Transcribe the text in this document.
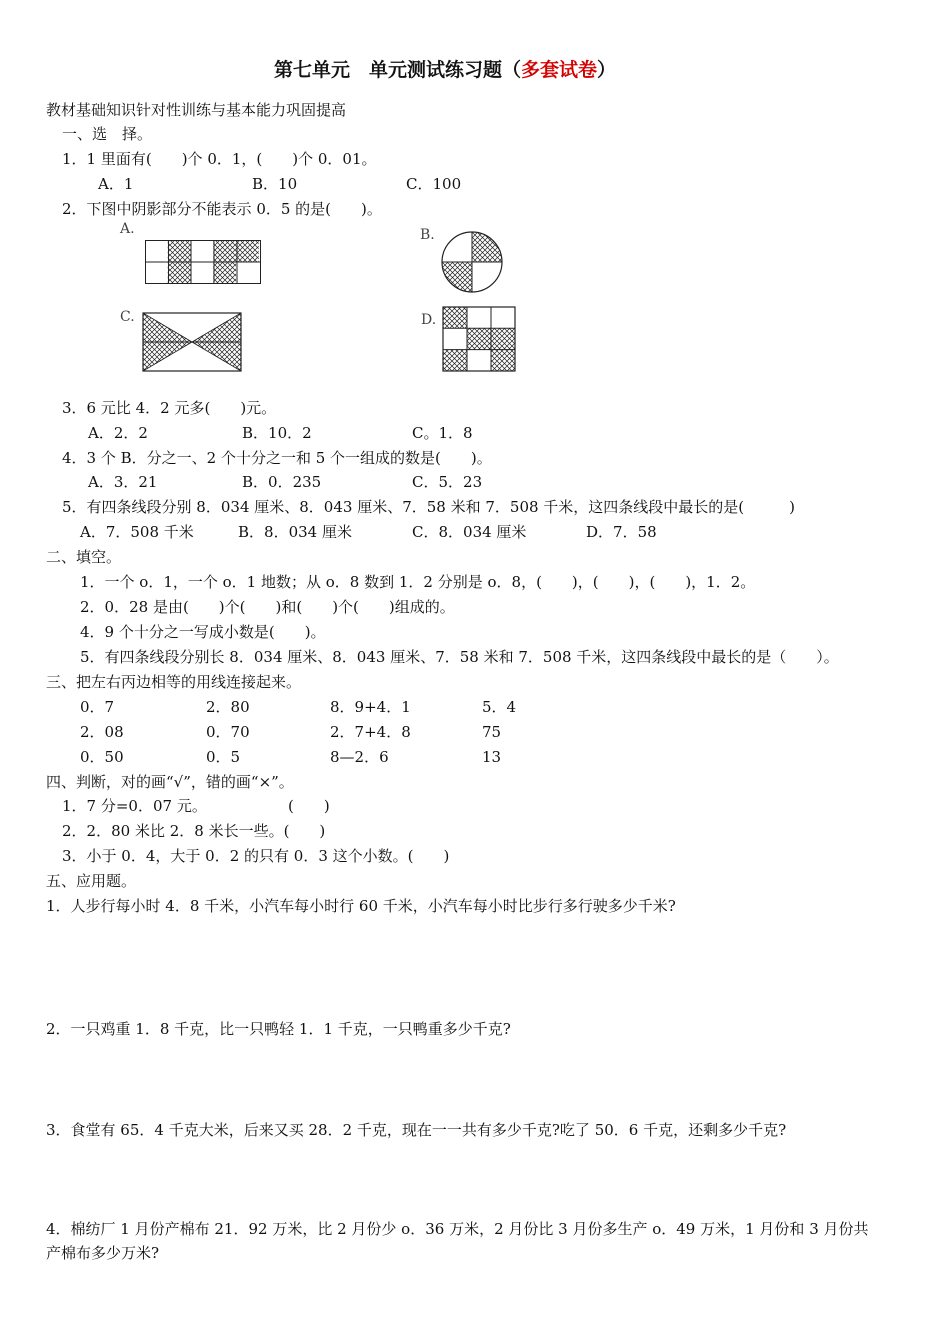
第七单元　单元测试练习题（多套试卷）
教材基础知识针对性训练与基本能力巩固提高
一、选　择。
1．1 里面有(　　)个 0．1，(　　)个 0．01。
A．1	B．10	C．100
2．下图中阴影部分不能表示 0．5 的是(　　)。
A.	B.
C.	D.
3．6 元比 4．2 元多(　　)元。
A．2．2	B．10．2	C。1．8
4．3 个 B．分之一、2 个十分之一和 5 个一组成的数是(　　)。
A．3．21	B．0．235	C．5．23
5．有四条线段分别 8．034 厘米、8．043 厘米、7．58 米和 7．508 千米，这四条线段中最长的是(　　　)
A．7．508 千米	B．8．034 厘米	C．8．034 厘米	D．7．58
二、填空。
1．一个 o．1，一个 o．1 地数；从 o．8 数到 1．2 分别是 o．8，(　　)，(　　)，(　　)，1．2。
2．0．28 是由(　　)个(　　)和(　　)个(　　)组成的。
4．9 个十分之一写成小数是(　　)。
5．有四条线段分别长 8．034 厘米、8．043 厘米、7．58 米和 7．508 千米，这四条线段中最长的是（　　）。
三、把左右丙边相等的用线连接起来。
0．7	2．80	8．9+4．1	5．4
2．08	0．70	2．7+4．8	75
0．50	0．5	8—2．6	13
四、判断，对的画“√”，错的画“×”。
1．7 分=0．07 元。	(　　)
2．2．80 米比 2．8 米长一些。(　　)
3．小于 0．4，大于 0．2 的只有 0．3 这个小数。(　　)
五、应用题。
1．人步行每小时 4．8 千米，小汽车每小时行 60 千米，小汽车每小时比步行多行驶多少千米?
2．一只鸡重 1．8 千克，比一只鸭轻 1．1 千克，一只鸭重多少千克?
3．食堂有 65．4 千克大米，后来又买 28．2 千克，现在一一共有多少千克?吃了 50．6 千克，还剩多少千克?
4．棉纺厂 1 月份产棉布 21．92 万米，比 2 月份少 o．36 万米，2 月份比 3 月份多生产 o．49 万米，1 月份和 3 月份共
产棉布多少万米?
